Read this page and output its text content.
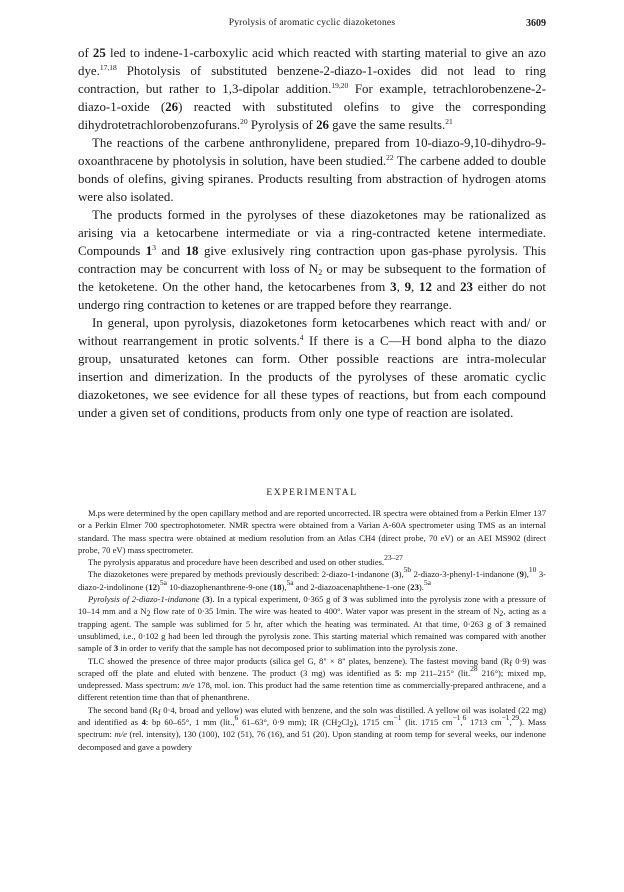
Pyrolysis of aromatic cyclic diazoketones	3609

of 25 led to indene-1-carboxylic acid which reacted with starting material to give an azo dye.$^{17,18}$ Photolysis of substituted benzene-2-diazo-1-oxides did not lead to ring contraction, but rather to 1,3-dipolar addition.$^{19,20}$ For example, tetrachlorobenzene-2-diazo-1-oxide (26) reacted with substituted olefins to give the corresponding dihydrotetrachlorobenzofurans.$^{20}$ Pyrolysis of 26 gave the same results.$^{21}$

The reactions of the carbene anthronylidene, prepared from 10-diazo-9,10-dihydro-9-oxoanthracene by photolysis in solution, have been studied.$^{22}$ The carbene added to double bonds of olefins, giving spiranes. Products resulting from abstraction of hydrogen atoms were also isolated.

The products formed in the pyrolyses of these diazoketones may be rationalized as arising via a ketocarbene intermediate or via a ring-contracted ketene intermediate. Compounds $1^3$ and 18 give exlusively ring contraction upon gas-phase pyrolysis. This contraction may be concurrent with loss of $N_2$ or may be subsequent to the formation of the ketoketene. On the other hand, the ketocarbenes from 3, 9, 12 and 23 either do not undergo ring contraction to ketenes or are trapped before they rearrange.

In general, upon pyrolysis, diazoketones form ketocarbenes which react with and/ or without rearrangement in protic solvents.$^4$ If there is a C—H bond alpha to the diazo group, unsaturated ketones can form. Other possible reactions are intra-molecular insertion and dimerization. In the products of the pyrolyses of these aromatic cyclic diazoketones, we see evidence for all these types of reactions, but from each compound under a given set of conditions, products from only one type of reaction are isolated.

EXPERIMENTAL

M.ps were determined by the open capillary method and are reported uncorrected. IR spectra were obtained from a Perkin Elmer 137 or a Perkin Elmer 700 spectrophotometer. NMR spectra were obtained from a Varian A-60A spectrometer using TMS as an internal standard. The mass spectra were obtained at medium resolution from an Atlas CH4 (direct probe, 70 eV) or an AEI MS902 (direct probe, 70 eV) mass spectrometer.

The pyrolysis apparatus and procedure have been described and used on other studies.$^{23-27}$

The diazoketones were prepared by methods previously described: 2-diazo-1-indanone (3),$^{5b}$ 2-diazo-3-phenyl-1-indanone (9),$^{10}$ 3-diazo-2-indolinone $(12)^{5a}$ 10-diazophenanthrene-9-one (18),$^{5a}$ and 2-diazoacenaphthene-1-one (23).$^{5a}$

Pyrolysis of 2-diazo-1-indanone (3). In a typical experiment, 0·365 g of 3 was sublimed into the pyrolysis zone with a pressure of 10–14 mm and a $N_2$ flow rate of 0·35 l/min. The wire was heated to 400°. Water vapor was present in the stream of $N_2$, acting as a trapping agent. The sample was sublimed for 5 hr, after which the heating was terminated. At that time, 0·263 g of 3 remained unsublimed, i.e., 0·102 g had been led through the pyrolysis zone. This starting material which remained was compared with another sample of 3 in order to verify that the sample has not decomposed prior to sublimation into the pyrolysis zone.

TLC showed the presence of three major products (silica gel G, 8" × 8" plates, benzene). The fastest moving band ($R_f$ 0·9) was scraped off the plate and eluted with benzene. The product (3 mg) was identified as 5: mp 211–215° (lit.$^{28}$ 216°); mixed mp, undepressed. Mass spectrum: m/e 178, mol. ion. This product had the same retention time as commercially-prepared anthracene, and a different retention time than that of phenanthrene.

The second band ($R_f$ 0·4, broad and yellow) was eluted with benzene, and the soln was distilled. A yellow oil was isolated (22 mg) and identified as 4: bp 60–65°, 1 mm (lit.,$^6$ 61–63°, 0·9 mm); IR $(CH_2Cl_2)$, 1715 $cm^{-1}$ (lit. 1715 $cm^{-1},^6$ 1713 $cm^{-1},^{29}$). Mass spectrum: m/e (rel. intensity), 130 (100), 102 (51), 76 (16), and 51 (20). Upon standing at room temp for several weeks, our indenone decomposed and gave a powdery
